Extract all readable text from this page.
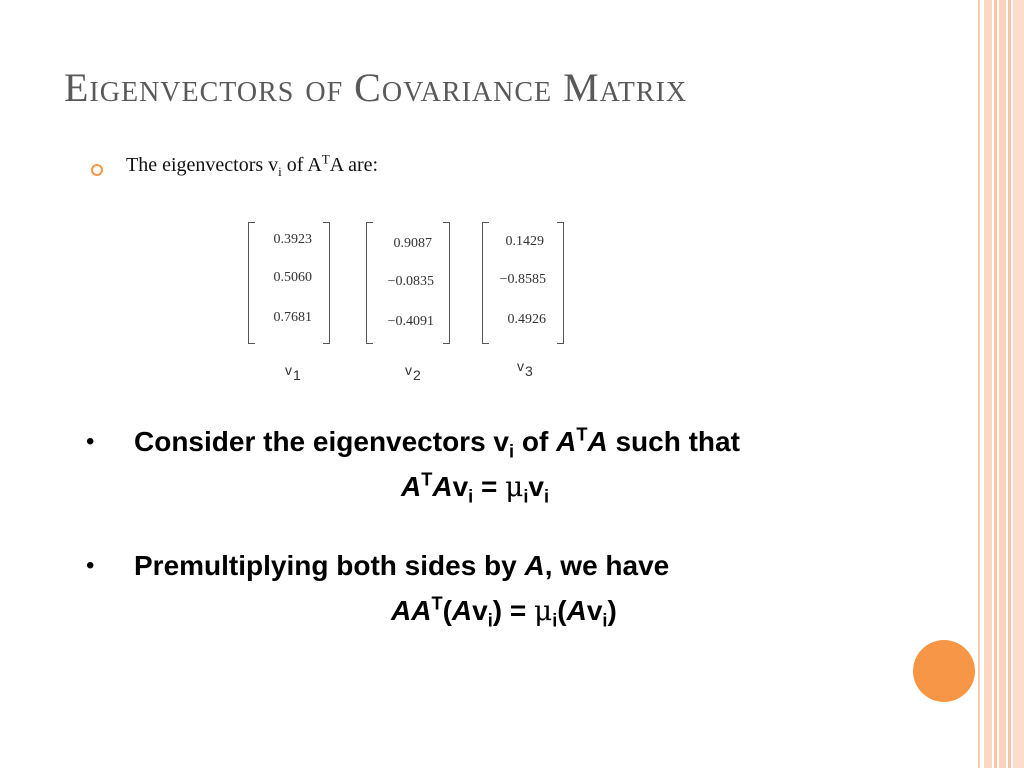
Eigenvectors of Covariance Matrix
The eigenvectors $v_i$ of $A^TA$ are:
0.3923
0.5060
0.7681
0.9087
−0.0835
−0.4091
0.1429
−0.8585
0.4926
v1	v2
v3
• Consider the eigenvectors $v_i$ of $A^TA$ such that
$A^TAv_i = \mu_iv_i$
• Premultiplying both sides by A, we have
$AA^T(Av_i) = \mu_i(Av_i)$
